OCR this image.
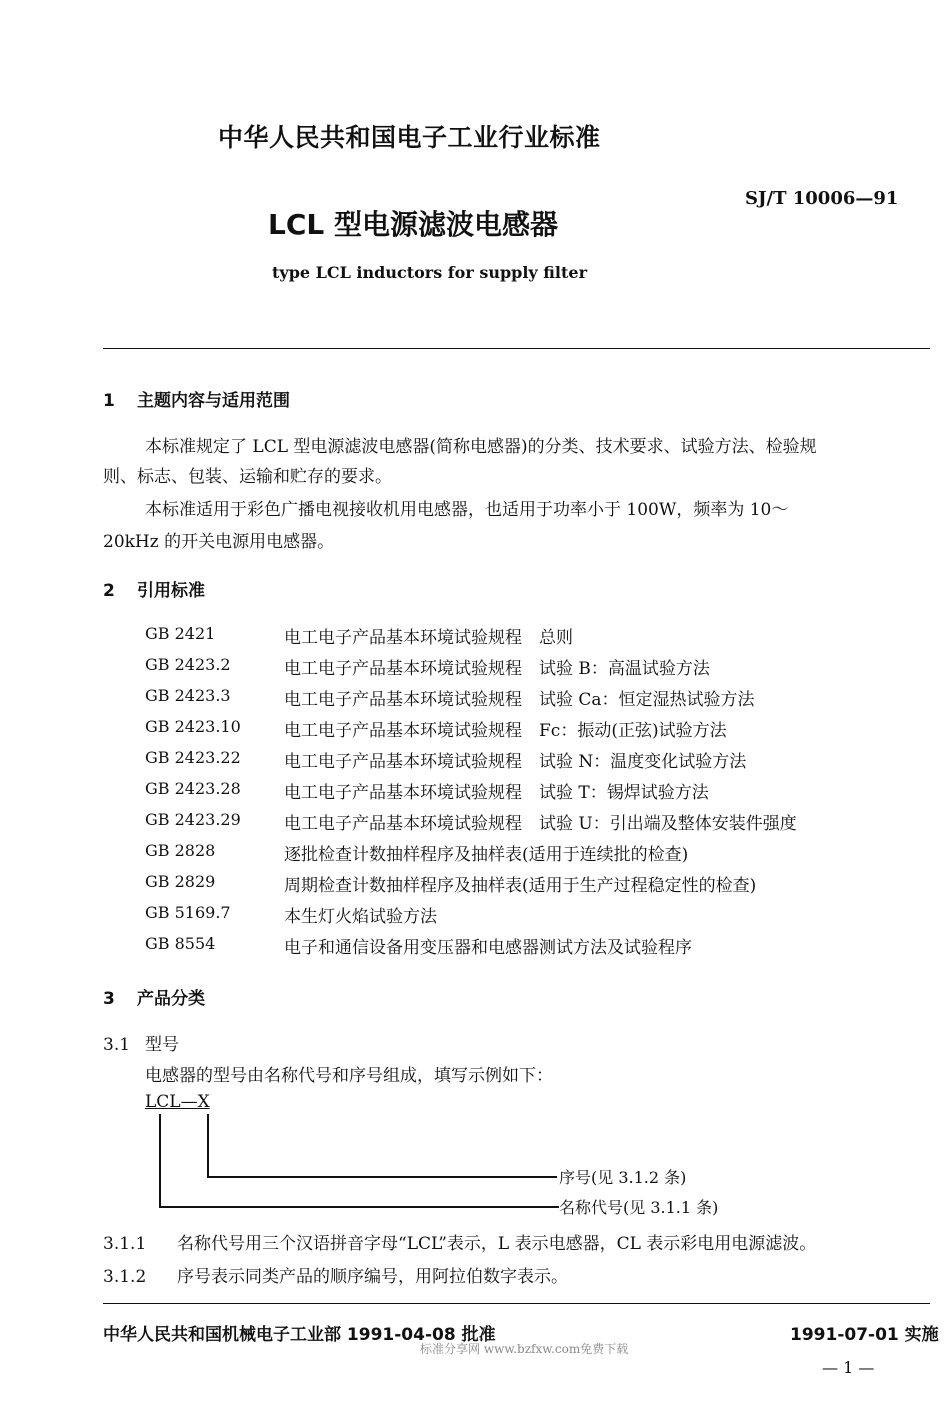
中华人民共和国电子工业行业标准
SJ/T 10006—91
LCL 型电源滤波电感器
type LCL inductors for supply filter
1 主题内容与适用范围
本标准规定了 LCL 型电源滤波电感器(简称电感器)的分类、技术要求、试验方法、检验规
则、标志、包装、运输和贮存的要求。
本标准适用于彩色广播电视接收机用电感器，也适用于功率小于 100W，频率为 10～
20kHz 的开关电源用电感器。
2 引用标准
GB 2421	电工电子产品基本环境试验规程　总则
GB 2423.2	电工电子产品基本环境试验规程　试验 B：高温试验方法
GB 2423.3	电工电子产品基本环境试验规程　试验 Ca：恒定湿热试验方法
GB 2423.10	电工电子产品基本环境试验规程　Fc：振动(正弦)试验方法
GB 2423.22	电工电子产品基本环境试验规程　试验 N：温度变化试验方法
GB 2423.28	电工电子产品基本环境试验规程　试验 T：锡焊试验方法
GB 2423.29	电工电子产品基本环境试验规程　试验 U：引出端及整体安装件强度
GB 2828	逐批检查计数抽样程序及抽样表(适用于连续批的检查)
GB 2829	周期检查计数抽样程序及抽样表(适用于生产过程稳定性的检查)
GB 5169.7	本生灯火焰试验方法
GB 8554	电子和通信设备用变压器和电感器测试方法及试验程序
3 产品分类
3.1 型号
电感器的型号由名称代号和序号组成，填写示例如下：
LCL—X
序号(见 3.1.2 条)
名称代号(见 3.1.1 条)
3.1.1 名称代号用三个汉语拼音字母“LCL”表示，L 表示电感器，CL 表示彩电用电源滤波。
3.1.2 序号表示同类产品的顺序编号，用阿拉伯数字表示。
中华人民共和国机械电子工业部 1991-04-08 批准	1991-07-01 实施
标准分享网 www.bzfxw.com免费下载
— 1 —
